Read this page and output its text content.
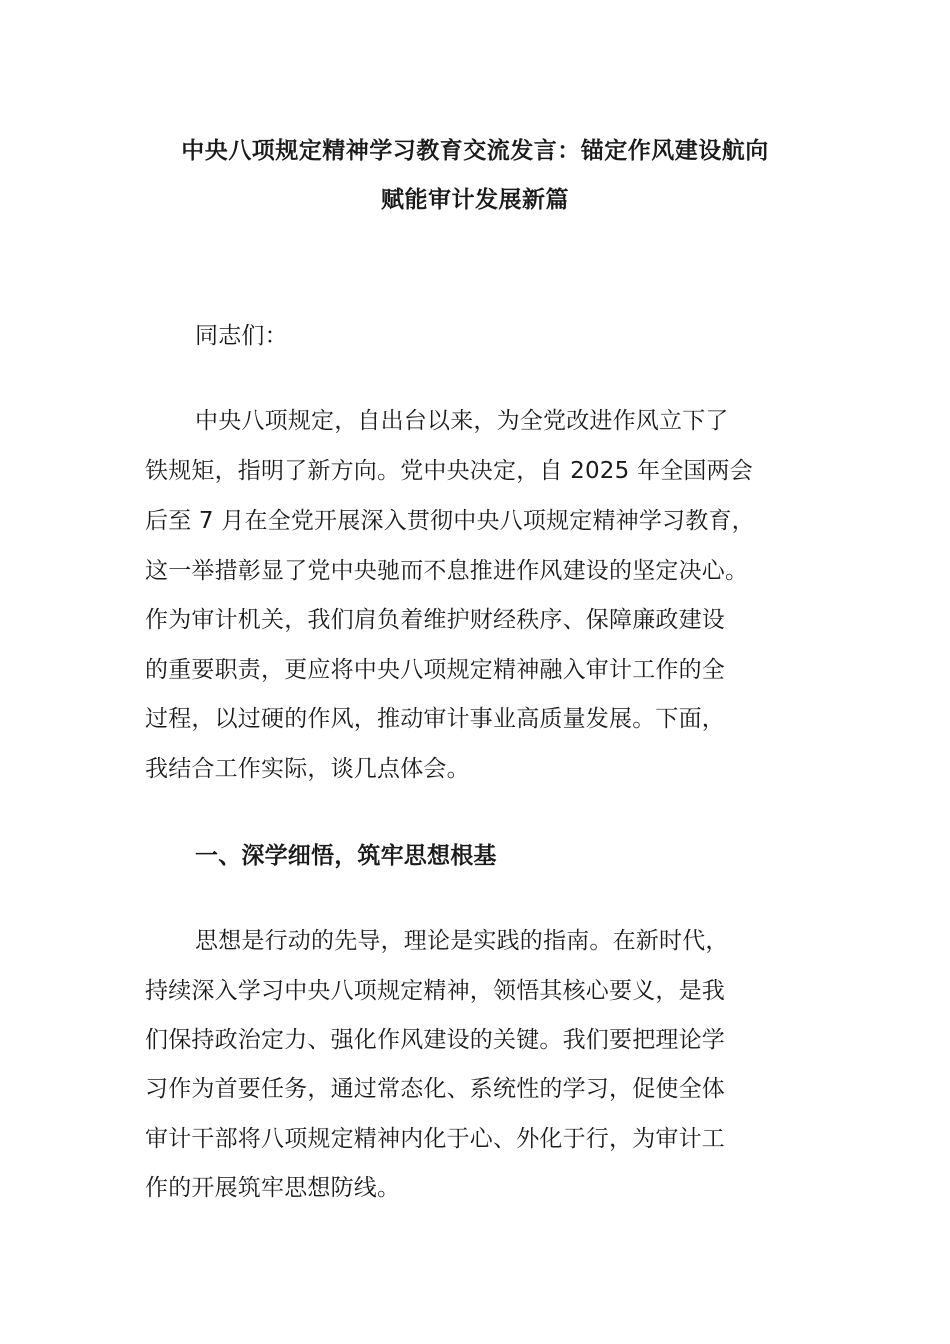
中央八项规定精神学习教育交流发言：锚定作风建设航向
赋能审计发展新篇
同志们：
中央八项规定，自出台以来，为全党改进作风立下了
铁规矩，指明了新方向。党中央决定，自 2025 年全国两会
后至 7 月在全党开展深入贯彻中央八项规定精神学习教育，
这一举措彰显了党中央驰而不息推进作风建设的坚定决心。
作为审计机关，我们肩负着维护财经秩序、保障廉政建设
的重要职责，更应将中央八项规定精神融入审计工作的全
过程，以过硬的作风，推动审计事业高质量发展。下面，
我结合工作实际，谈几点体会。
一、深学细悟，筑牢思想根基
思想是行动的先导，理论是实践的指南。在新时代，
持续深入学习中央八项规定精神，领悟其核心要义，是我
们保持政治定力、强化作风建设的关键。我们要把理论学
习作为首要任务，通过常态化、系统性的学习，促使全体
审计干部将八项规定精神内化于心、外化于行，为审计工
作的开展筑牢思想防线。
